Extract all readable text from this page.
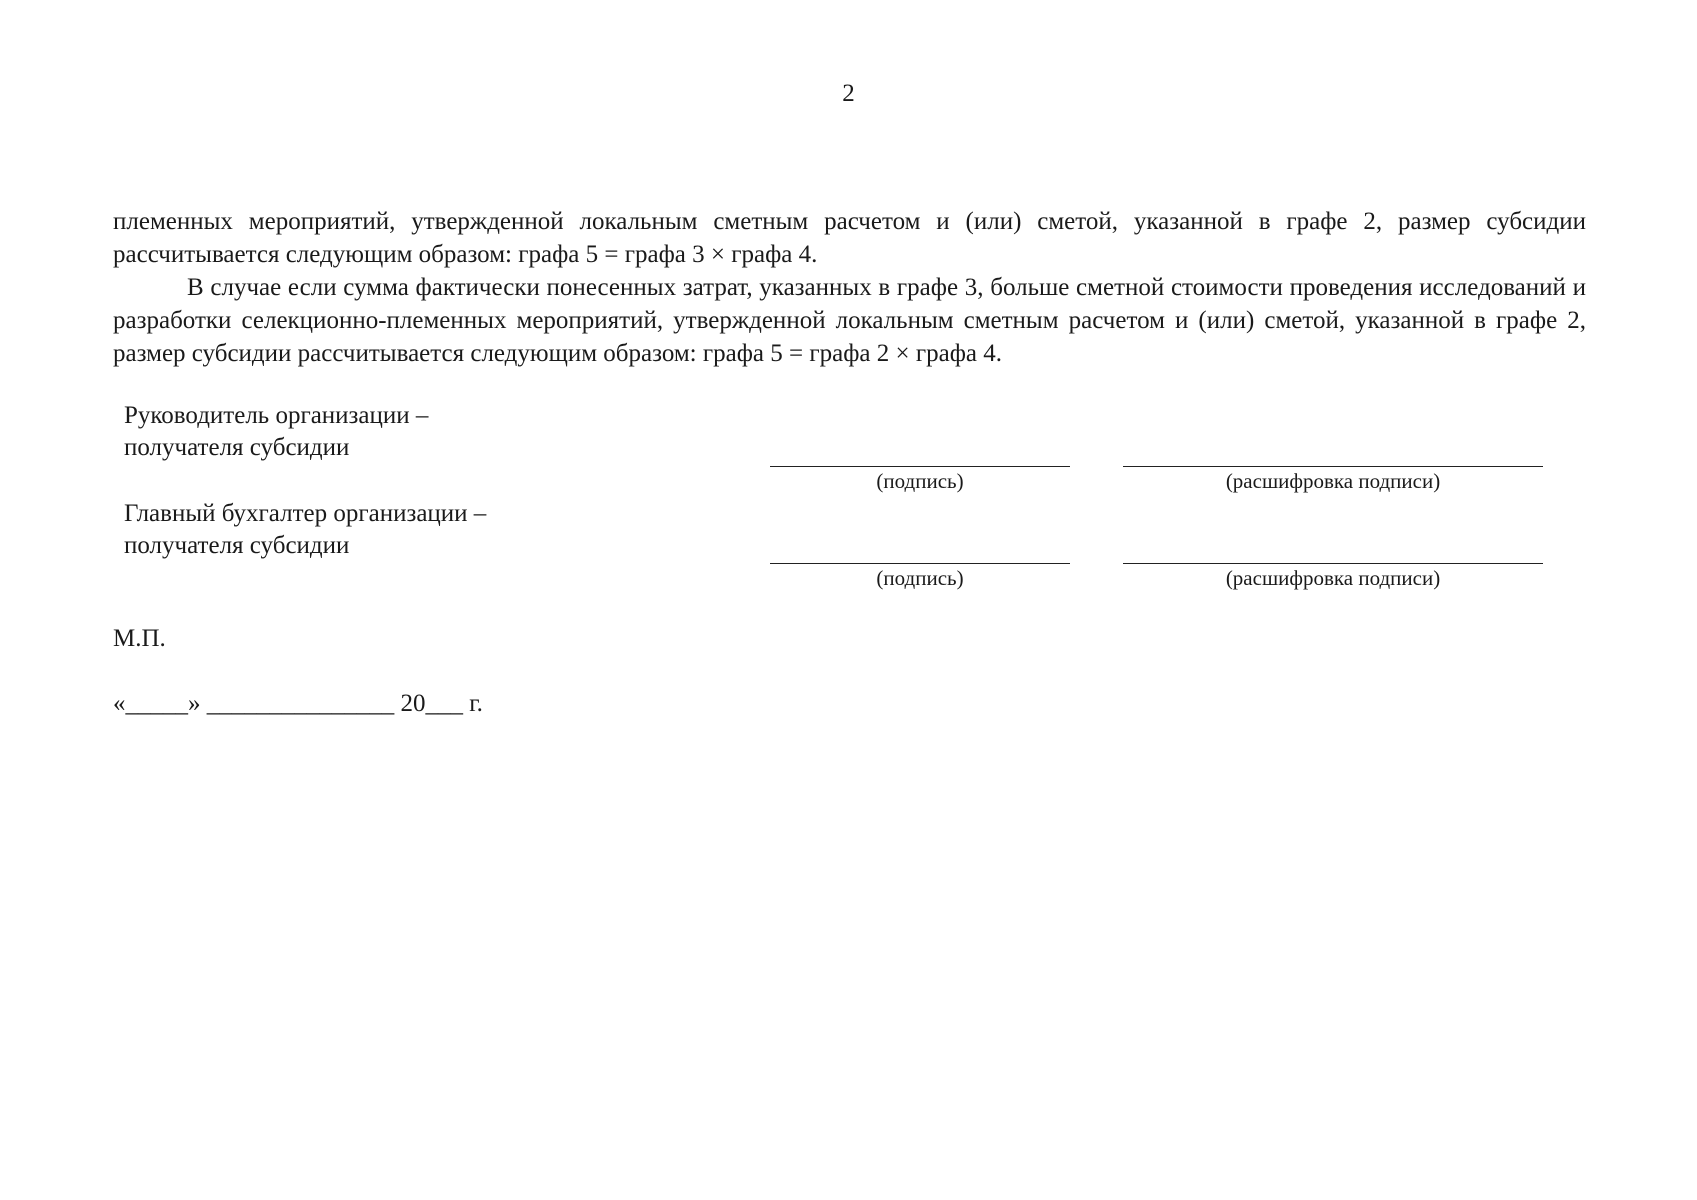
2

племенных мероприятий, утвержденной локальным сметным расчетом и (или) сметой, указанной в графе 2, размер субсидии рассчитывается следующим образом: графа 5 = графа 3 × графа 4.

В случае если сумма фактически понесенных затрат, указанных в графе 3, больше сметной стоимости проведения исследований и разработки селекционно-племенных мероприятий, утвержденной локальным сметным расчетом и (или) сметой, указанной в графе 2, размер субсидии рассчитывается следующим образом: графа 5 = графа 2 × графа 4.

Руководитель организации –
получателя субсидии
(подпись)	(расшифровка подписи)
Главный бухгалтер организации –
получателя субсидии
(подпись)	(расшифровка подписи)
М.П.
«_____» _______________ 20___ г.
